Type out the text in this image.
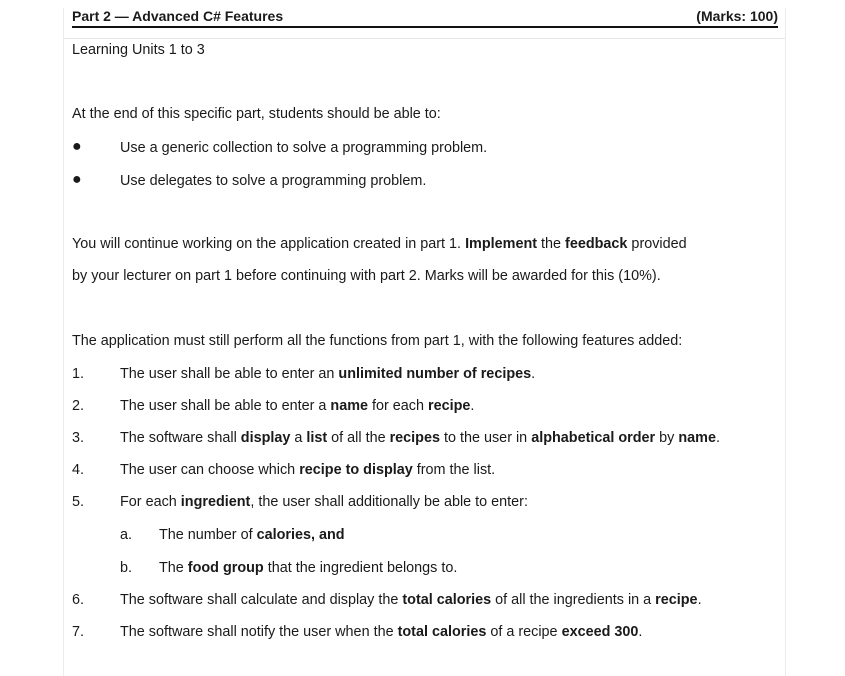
Part 2 — Advanced C# Features	(Marks: 100)
Learning Units 1 to 3
At the end of this specific part, students should be able to:
●	Use a generic collection to solve a programming problem.
●	Use delegates to solve a programming problem.
You will continue working on the application created in part 1. Implement the feedback provided
by your lecturer on part 1 before continuing with part 2. Marks will be awarded for this (10%).
The application must still perform all the functions from part 1, with the following features added:
1. The user shall be able to enter an unlimited number of recipes.
2. The user shall be able to enter a name for each recipe.
3. The software shall display a list of all the recipes to the user in alphabetical order by name.
4. The user can choose which recipe to display from the list.
5. For each ingredient, the user shall additionally be able to enter:
a. The number of calories, and
b. The food group that the ingredient belongs to.
6. The software shall calculate and display the total calories of all the ingredients in a recipe.
7. The software shall notify the user when the total calories of a recipe exceed 300.
